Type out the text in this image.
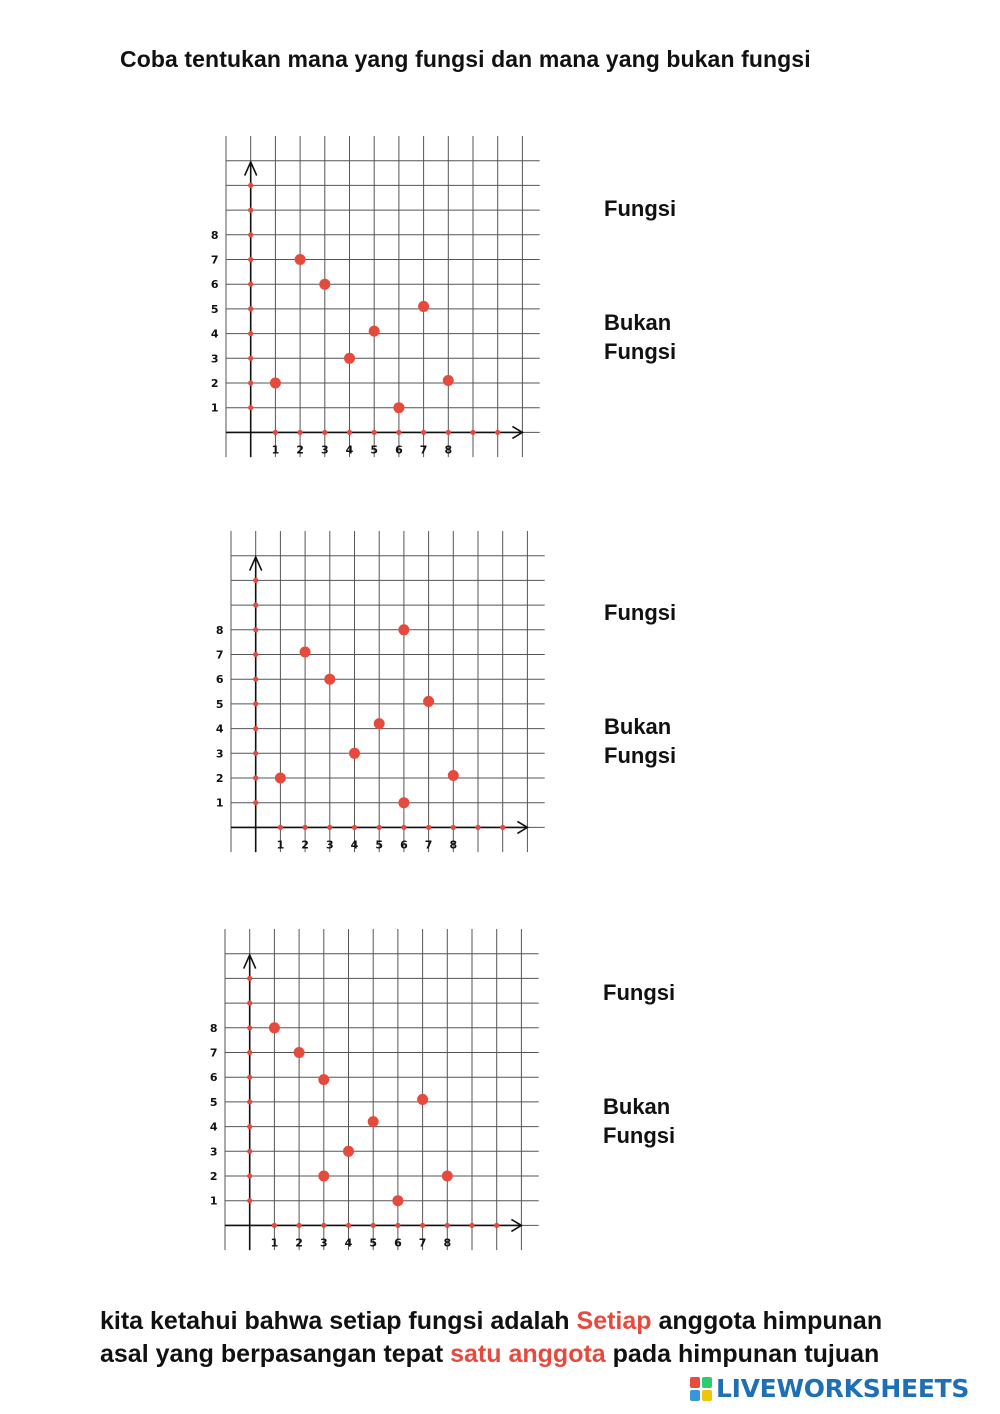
Coba tentukan mana yang fungsi dan mana yang bukan fungsi
1
1
2
2
3
3
4
4
5
5
6
6
7
7
8
8
Fungsi
Bukan
Fungsi
1
1
2
2
3
3
4
4
5
5
6
6
7
7
8
8
Fungsi
Bukan
Fungsi
1
1
2
2
3
3
4
4
5
5
6
6
7
7
8
8
Fungsi
Bukan
Fungsi
kita ketahui bahwa setiap fungsi adalah Setiap anggota himpunan asal yang berpasangan tepat satu anggota pada himpunan tujuan
LIVEWORKSHEETS
